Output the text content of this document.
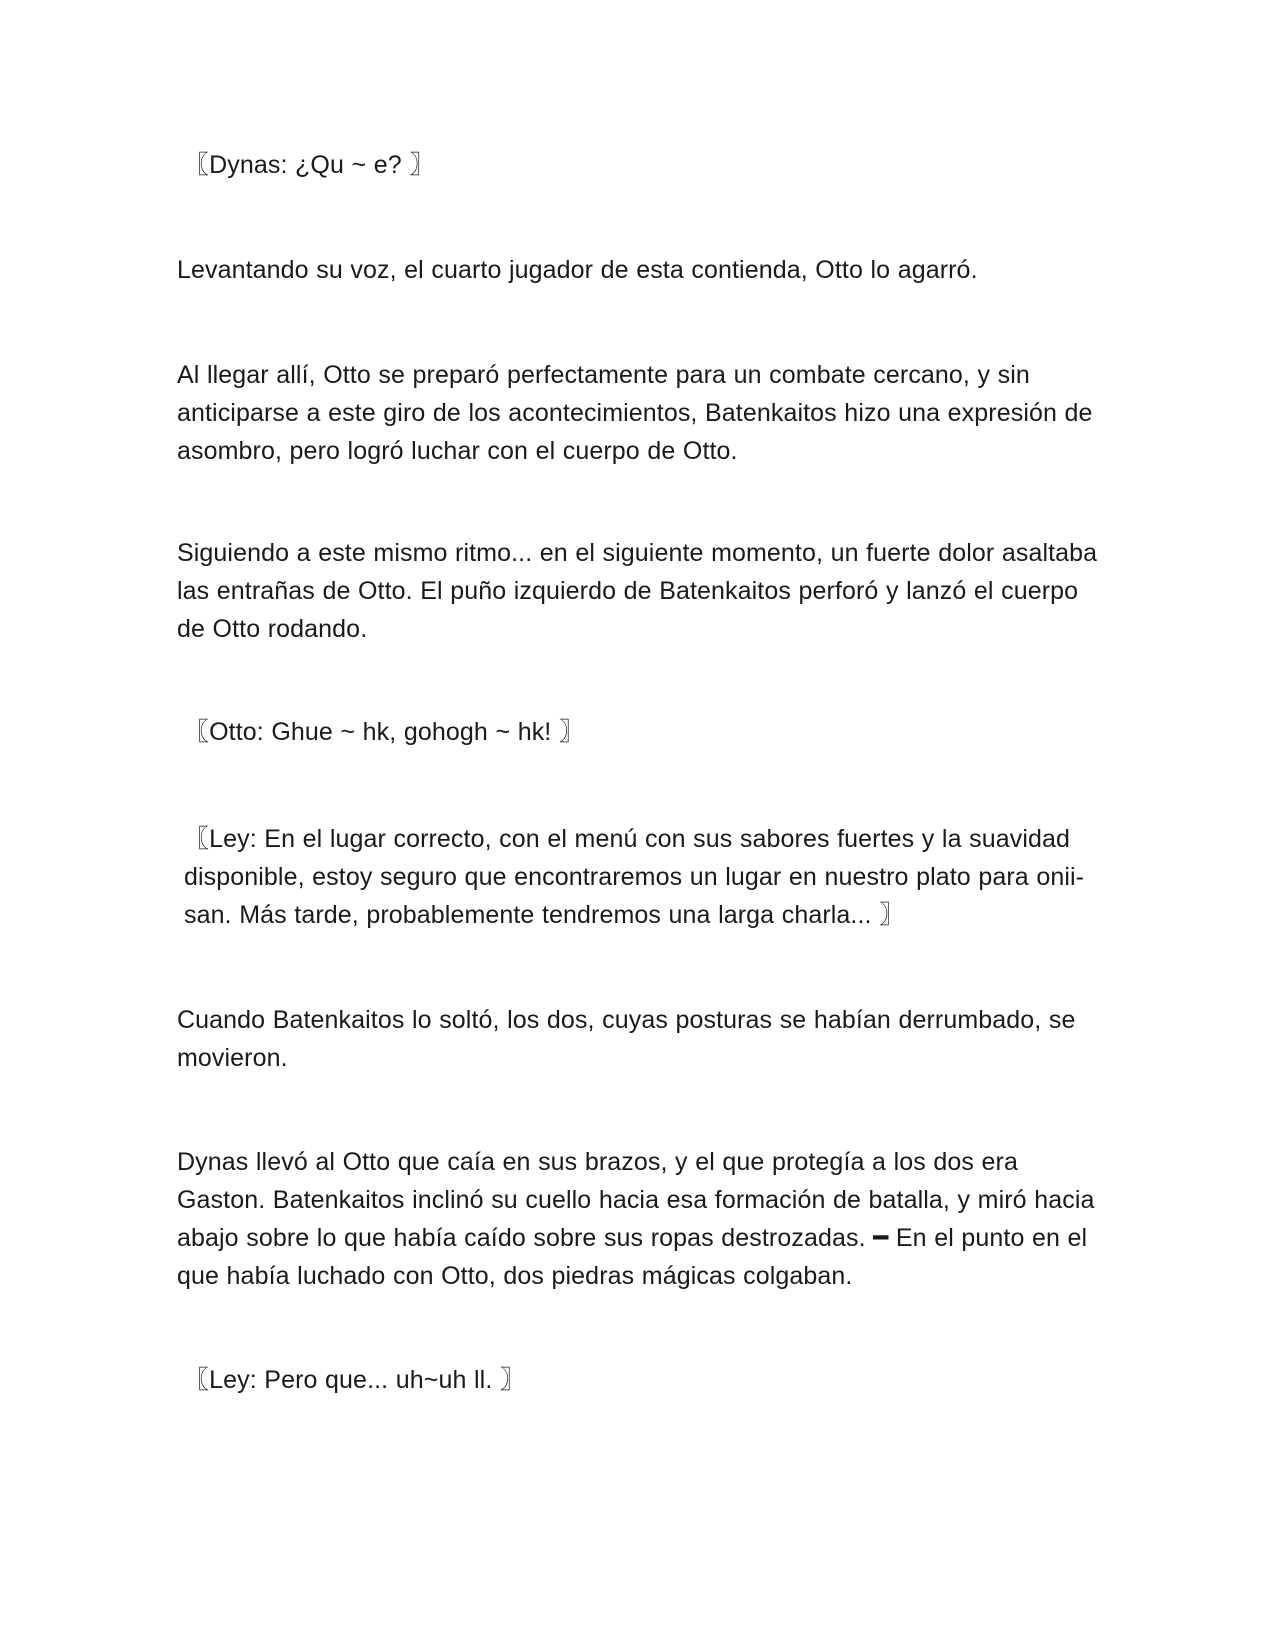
〖Dynas: ¿Qu ~ e? 〗

Levantando su voz, el cuarto jugador de esta contienda, Otto lo agarró.

Al llegar allí, Otto se preparó perfectamente para un combate cercano, y sin anticiparse a este giro de los acontecimientos, Batenkaitos hizo una expresión de asombro, pero logró luchar con el cuerpo de Otto.

Siguiendo a este mismo ritmo... en el siguiente momento, un fuerte dolor asaltaba las entrañas de Otto. El puño izquierdo de Batenkaitos perforó y lanzó el cuerpo de Otto rodando.

〖Otto: Ghue ~ hk, gohogh ~ hk! 〗

〖Ley: En el lugar correcto, con el menú con sus sabores fuertes y la suavidad disponible, estoy seguro que encontraremos un lugar en nuestro plato para onii-san. Más tarde, probablemente tendremos una larga charla... 〗

Cuando Batenkaitos lo soltó, los dos, cuyas posturas se habían derrumbado, se movieron.

Dynas llevó al Otto que caía en sus brazos, y el que protegía a los dos era Gaston. Batenkaitos inclinó su cuello hacia esa formación de batalla, y miró hacia abajo sobre lo que había caído sobre sus ropas destrozadas. ━ En el punto en el que había luchado con Otto, dos piedras mágicas colgaban.

〖Ley: Pero que... uh~uh ll. 〗
